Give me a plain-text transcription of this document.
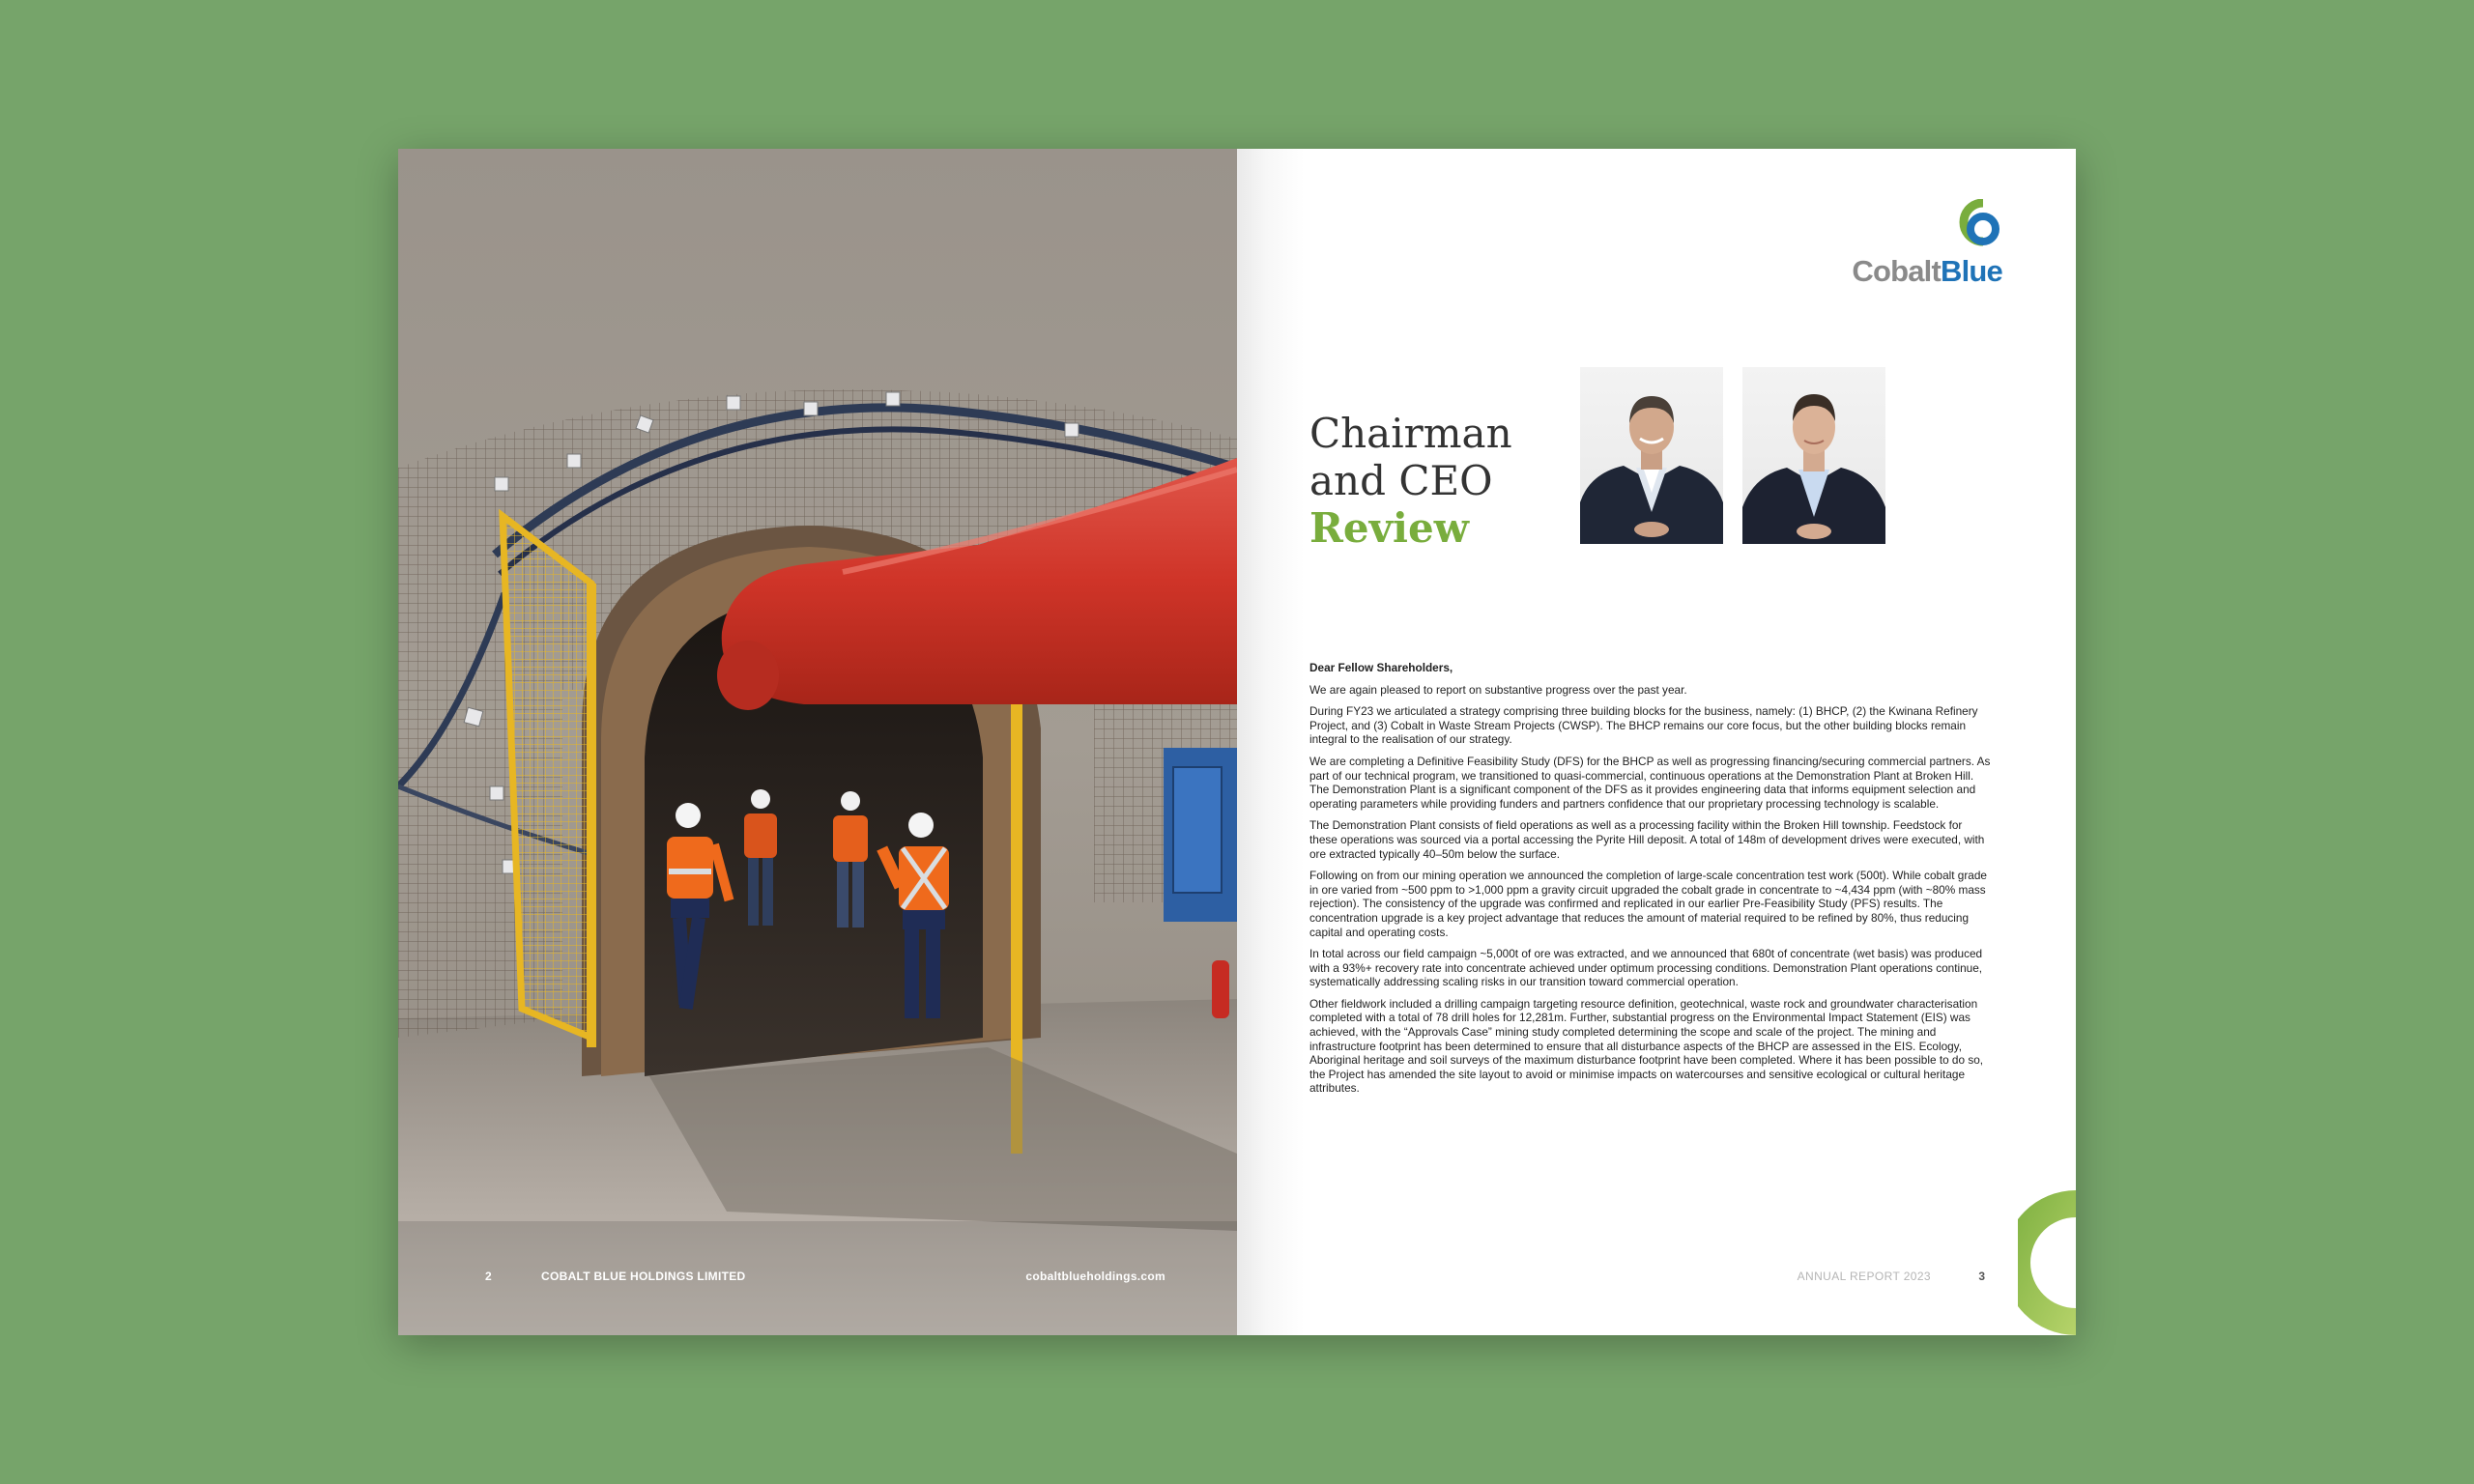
2	COBALT BLUE HOLDINGS LIMITED	cobaltblueholdings.com
CobaltBlue
Chairman
and CEO
Review

Dear Fellow Shareholders,

We are again pleased to report on substantive progress over the past year.

During FY23 we articulated a strategy comprising three building blocks for the business, namely: (1) BHCP, (2) the Kwinana Refinery Project, and (3) Cobalt in Waste Stream Projects (CWSP). The BHCP remains our core focus, but the other building blocks remain integral to the realisation of our strategy.

We are completing a Definitive Feasibility Study (DFS) for the BHCP as well as progressing financing/securing commercial partners. As part of our technical program, we transitioned to quasi-commercial, continuous operations at the Demonstration Plant at Broken Hill. The Demonstration Plant is a significant component of the DFS as it provides engineering data that informs equipment selection and operating parameters while providing funders and partners confidence that our proprietary processing technology is scalable.

The Demonstration Plant consists of field operations as well as a processing facility within the Broken Hill township. Feedstock for these operations was sourced via a portal accessing the Pyrite Hill deposit. A total of 148m of development drives were executed, with ore extracted typically 40–50m below the surface.

Following on from our mining operation we announced the completion of large-scale concentration test work (500t). While cobalt grade in ore varied from ~500 ppm to >1,000 ppm a gravity circuit upgraded the cobalt grade in concentrate to ~4,434 ppm (with ~80% mass rejection). The consistency of the upgrade was confirmed and replicated in our earlier Pre-Feasibility Study (PFS) results. The concentration upgrade is a key project advantage that reduces the amount of material required to be refined by 80%, thus reducing capital and operating costs.

In total across our field campaign ~5,000t of ore was extracted, and we announced that 680t of concentrate (wet basis) was produced with a 93%+ recovery rate into concentrate achieved under optimum processing conditions. Demonstration Plant operations continue, systematically addressing scaling risks in our transition toward commercial operation.

Other fieldwork included a drilling campaign targeting resource definition, geotechnical, waste rock and groundwater characterisation completed with a total of 78 drill holes for 12,281m. Further, substantial progress on the Environmental Impact Statement (EIS) was achieved, with the “Approvals Case” mining study completed determining the scope and scale of the project. The mining and infrastructure footprint has been determined to ensure that all disturbance aspects of the BHCP are assessed in the EIS. Ecology, Aboriginal heritage and soil surveys of the maximum disturbance footprint have been completed. Where it has been possible to do so, the Project has amended the site layout to avoid or minimise impacts on watercourses and sensitive ecological or cultural heritage attributes.

ANNUAL REPORT 2023	3
